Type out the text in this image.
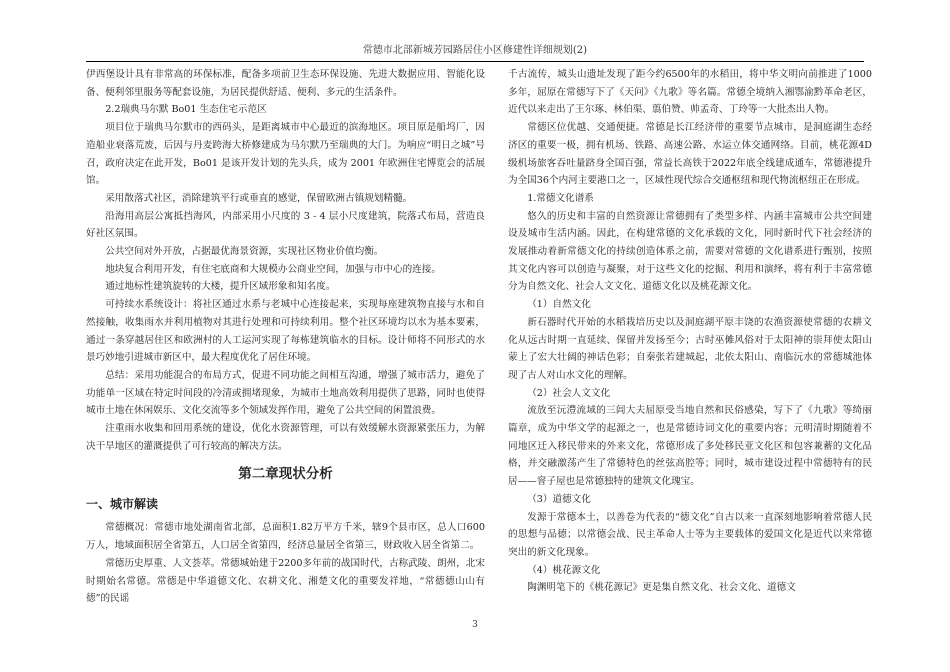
常德市北部新城芳园路居住小区修建性详细规划(2)

伊西堡设计具有非常高的环保标准，配备多项前卫生态环保设施、先进大数据应用、智能化设备、便利邻里服务等配套设施，为居民提供舒适、便利、多元的生活条件。

2.2瑞典马尔默 Bo01 生态住宅示范区

项目位于瑞典马尔默市的西码头，是距离城市中心最近的滨海地区。项目原是船坞厂，因造船业衰落荒废，后因与丹麦跨海大桥修建成为马尔默乃至瑞典的大门。为响应“明日之城”号召，政府决定在此开发，Bo01 是该开发计划的先头兵，成为 2001 年欧洲住宅博览会的活展馆。

采用散落式社区，消除建筑平行或垂直的感觉，保留欧洲古镇规划精髓。

沿海用高层公寓抵挡海风，内部采用小尺度的 3 - 4 层小尺度建筑，院落式布局，营造良好社区氛围。

公共空间对外开放，占据最优海景资源，实现社区物业价值均衡。

地块复合利用开发，有住宅底商和大规模办公商业空间，加强与市中心的连接。

通过地标性建筑旋转的大楼，提升区域形象和知名度。

可持续水系统设计：将社区通过水系与老城中心连接起来，实现每座建筑物直接与水和自然接触，收集雨水并利用植物对其进行处理和可持续利用。整个社区环境均以水为基本要素，通过一条穿越居住区和欧洲村的人工运河实现了每栋建筑临水的目标。设计师将不同形式的水景巧妙地引进城市新区中，最大程度优化了居住环境。

总结：采用功能混合的布局方式，促进不同功能之间相互沟通，增强了城市活力，避免了功能单一区域在特定时间段的冷清或拥堵现象，为城市土地高效利用提供了思路，同时也使得城市土地在休闲娱乐、文化交流等多个领域发挥作用，避免了公共空间的闲置浪费。

注重雨水收集和回用系统的建设，优化水资源管理，可以有效缓解水资源紧张压力，为解决干旱地区的灌溉提供了可行较高的解决方法。

第二章现状分析
一、城市解读

常德概况：常德市地处湖南省北部，总面积1.82万平方千米，辖9个县市区，总人口600万人，地域面积居全省第五，人口居全省第四，经济总量居全省第三，财政收入居全省第二。

常德历史厚重、人文荟萃。常德城始建于2200多年前的战国时代，古称武陵、朗州，北宋时期始名常德。常德是中华道德文化、农耕文化、湘楚文化的重要发祥地，“常德德山山有德”的民谣

千古流传，城头山遗址发现了距今约6500年的水稻田，将中华文明向前推进了1000多年，屈原在常德写下了《天问》《九歌》等名篇。常德全境纳入湘鄂渝黔革命老区，近代以来走出了王尔琢、林伯渠、翦伯赞、帅孟奇、丁玲等一大批杰出人物。

常德区位优越、交通便捷。常德是长江经济带的重要节点城市，是洞庭湖生态经济区的重要一极，拥有机场、铁路、高速公路、水运立体交通网络。目前，桃花源4D级机场旅客吞吐量跻身全国百强，常益长高铁于2022年底全线建成通车，常德港提升为全国36个内河主要港口之一，区域性现代综合交通枢纽和现代物流枢纽正在形成。

1.常德文化谱系

悠久的历史和丰富的自然资源让常德拥有了类型多样、内涵丰富城市公共空间建设及城市生活内涵。因此，在构建常德的文化承载的文化，同时新时代下社会经济的发展推动着新常德文化的持续创造体系之前，需要对常德的文化谱系进行甄别，按照其文化内容可以创造与凝聚，对于这些文化的挖掘、利用和演绎，将有利于丰富常德分为自然文化、社会人文文化、道德文化以及桃花源文化。

（1）自然文化

新石器时代开始的水稻栽培历史以及洞庭湖平原丰饶的农渔资源使常德的农耕文化从远古时期一直延续、保留并发扬至今；古时巫傩风俗对于太阳神的崇拜使太阳山蒙上了宏大壮阔的神话色彩；自秦张若建城起，北依太阳山、南临沅水的常德城池体现了古人对山水文化的理解。

（2）社会人文文化

流放至沅澧流域的三闾大夫屈原受当地自然和民俗感染，写下了《九歌》等绮丽篇章，成为中华文学的起源之一，也是常德诗词文化的重要内容；元明清时期随着不同地区迁入移民带来的外来文化，常德形成了多处移民亚文化区和包容兼蓄的文化品格，并交融激荡产生了常德特色的丝弦高腔等；同时，城市建设过程中常德特有的民居——窨子屋也是常德独特的建筑文化瑰宝。

（3）道德文化

发源于常德本土，以善卷为代表的“德文化”自古以来一直深刻地影响着常德人民的思想与品德；以常德会战、民主革命人士等为主要载体的爱国文化是近代以来常德突出的新文化现象。

（4）桃花源文化

陶渊明笔下的《桃花源记》更是集自然文化、社会文化、道德文

3
